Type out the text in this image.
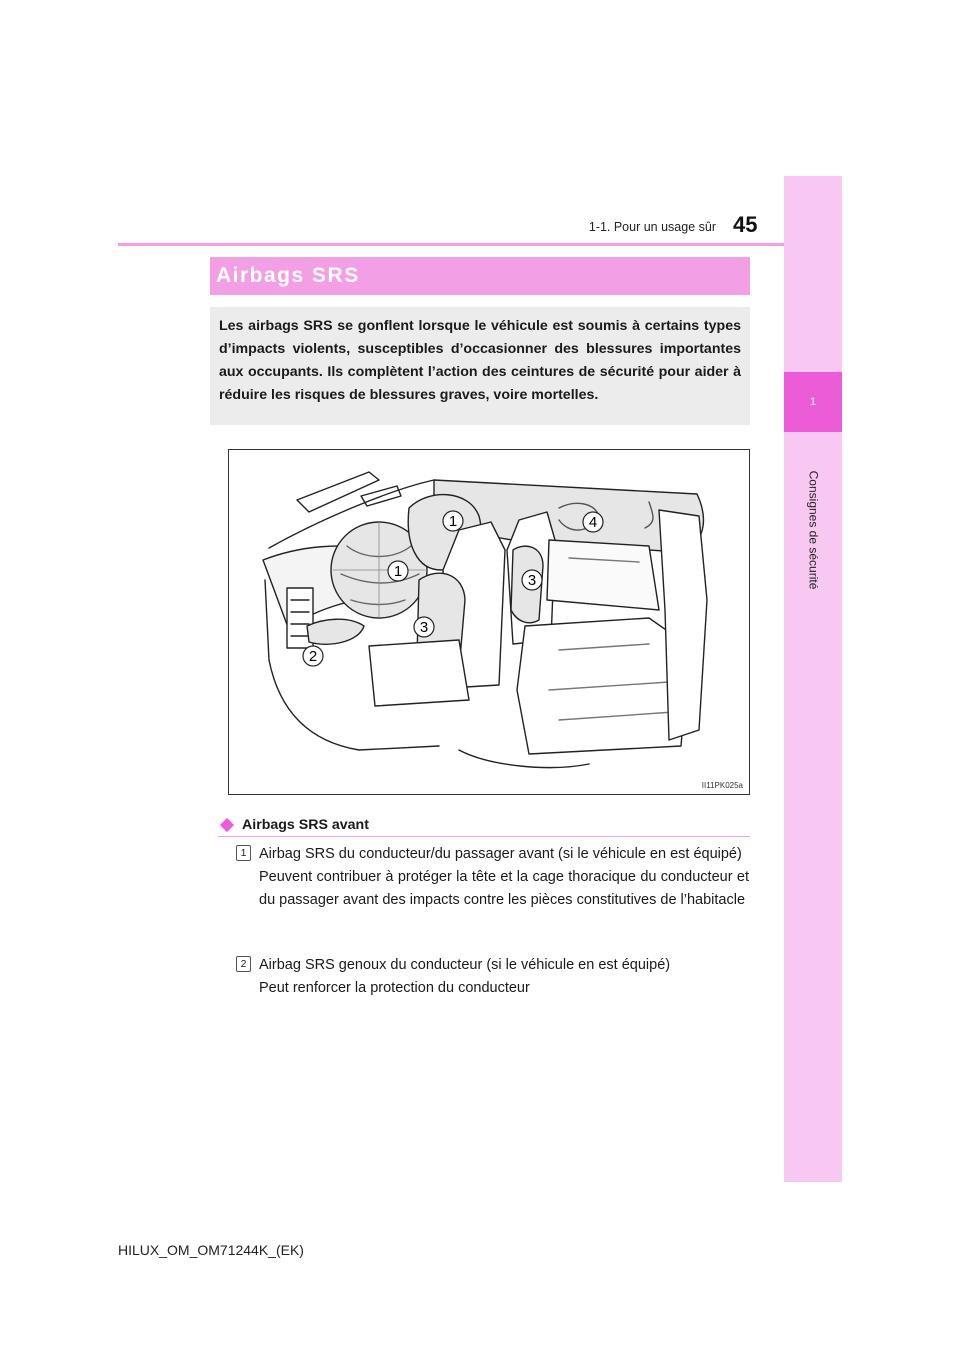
1
Consignes de sécurité
1-1. Pour un usage sûr 45
Airbags SRS
Les airbags SRS se gonflent lorsque le véhicule est soumis à certains types d’impacts violents, susceptibles d’occasionner des blessures importantes aux occupants. Ils complètent l’action des ceintures de sécurité pour aider à réduire les risques de blessures graves, voire mortelles.
1
1
2
3
3
4
II11PK025a
Airbags SRS avant
1 Airbag SRS du conducteur/du passager avant (si le véhicule en est équipé)
Peuvent contribuer à protéger la tête et la cage thoracique du conducteur et du passager avant des impacts contre les pièces constitutives de l’habitacle
2 Airbag SRS genoux du conducteur (si le véhicule en est équipé)
Peut renforcer la protection du conducteur
HILUX_OM_OM71244K_(EK)
